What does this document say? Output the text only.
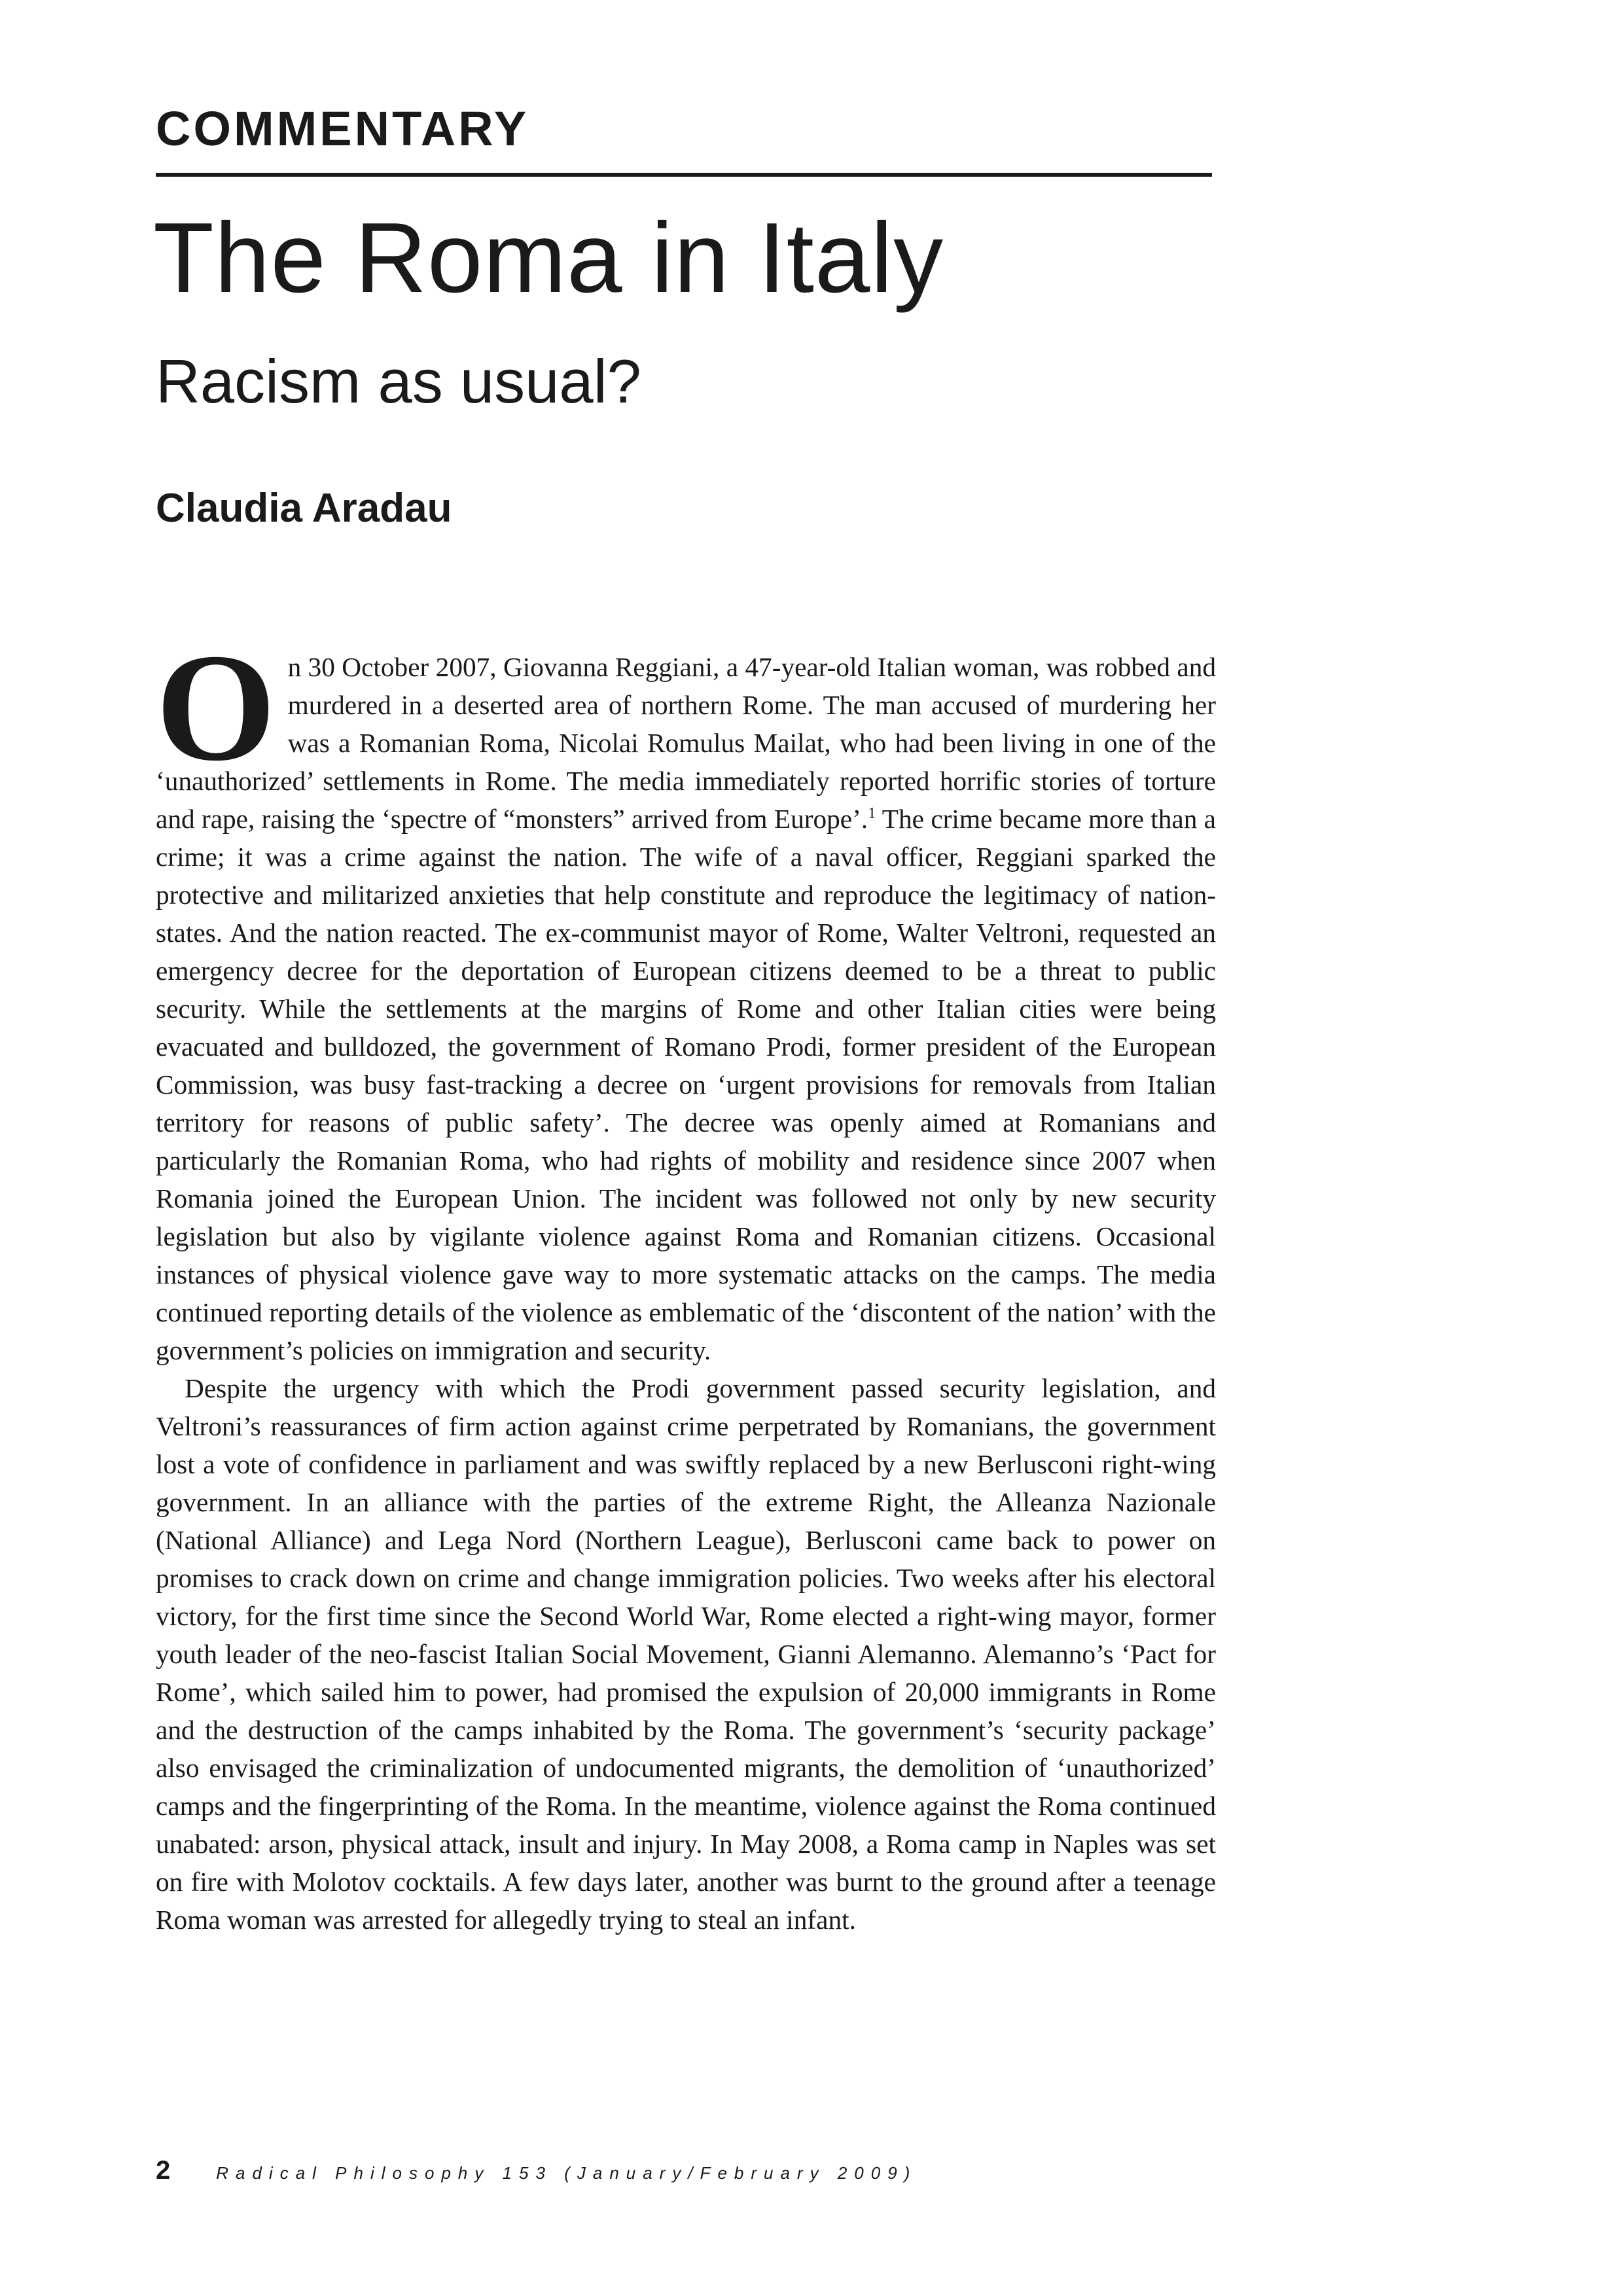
COMMENTARY
The Roma in Italy
Racism as usual?
Claudia Aradau

On 30 October 2007, Giovanna Reggiani, a 47-year-old Italian woman, was robbed and murdered in a deserted area of northern Rome. The man accused of murdering her was a Romanian Roma, Nicolai Romulus Mailat, who had been living in one of the ‘unauthorized’ settlements in Rome. The media immediately reported horrific stories of torture and rape, raising the ‘spectre of “monsters” arrived from Europe’.$^1$ The crime became more than a crime; it was a crime against the nation. The wife of a naval officer, Reggiani sparked the protective and militarized anxieties that help constitute and reproduce the legitimacy of nation-states. And the nation reacted. The ex-communist mayor of Rome, Walter Veltroni, requested an emergency decree for the deportation of European citizens deemed to be a threat to public security. While the settlements at the margins of Rome and other Italian cities were being evacuated and bulldozed, the government of Romano Prodi, former president of the European Commission, was busy fast-tracking a decree on ‘urgent provisions for removals from Italian territory for reasons of public safety’. The decree was openly aimed at Romanians and particularly the Romanian Roma, who had rights of mobility and residence since 2007 when Romania joined the European Union. The incident was followed not only by new security legislation but also by vigilante violence against Roma and Romanian citizens. Occasional instances of physical violence gave way to more systematic attacks on the camps. The media continued reporting details of the violence as emblematic of the ‘discontent of the nation’ with the government’s policies on immigration and security.

Despite the urgency with which the Prodi government passed security legislation, and Veltroni’s reassurances of firm action against crime perpetrated by Romanians, the government lost a vote of confidence in parliament and was swiftly replaced by a new Berlusconi right-wing government. In an alliance with the parties of the extreme Right, the Alleanza Nazionale (National Alliance) and Lega Nord (Northern League), Berlusconi came back to power on promises to crack down on crime and change immigration policies. Two weeks after his electoral victory, for the first time since the Second World War, Rome elected a right-wing mayor, former youth leader of the neo-fascist Italian Social Movement, Gianni Alemanno. Alemanno’s ‘Pact for Rome’, which sailed him to power, had promised the expulsion of 20,000 immigrants in Rome and the destruction of the camps inhabited by the Roma. The government’s ‘security package’ also envisaged the criminalization of undocumented migrants, the demolition of ‘unauthorized’ camps and the fingerprinting of the Roma. In the meantime, violence against the Roma continued unabated: arson, physical attack, insult and injury. In May 2008, a Roma camp in Naples was set on fire with Molotov cocktails. A few days later, another was burnt to the ground after a teenage Roma woman was arrested for allegedly trying to steal an infant.

2	Radical Philosophy 153 (January/February 2009)
